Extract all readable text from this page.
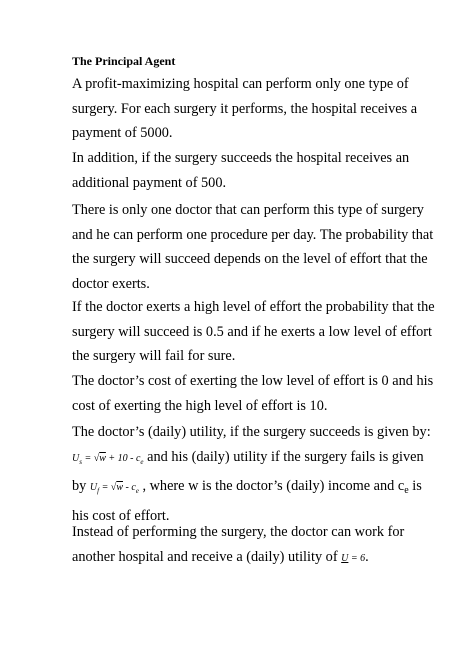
The Principal Agent
A profit-maximizing hospital can perform only one type of
surgery. For each surgery it performs, the hospital receives a
payment of 5000.
In addition, if the surgery succeeds the hospital receives an
additional payment of 500.
There is only one doctor that can perform this type of surgery
and he can perform one procedure per day. The probability that
the surgery will succeed depends on the level of effort that the
doctor exerts.
If the doctor exerts a high level of effort the probability that the
surgery will succeed is 0.5 and if he exerts a low level of effort
the surgery will fail for sure.
The doctor’s cost of exerting the low level of effort is 0 and his
cost of exerting the high level of effort is 10.
The doctor’s (daily) utility, if the surgery succeeds is given by:
$U_s = √w + 10 - c_e$ and his (daily) utility if the surgery fails is given
by $U_f = √w - c_e$ , where w is the doctor’s (daily) income and $c_e$ is
his cost of effort.
Instead of performing the surgery, the doctor can work for
another hospital and receive a (daily) utility of U = 6.
